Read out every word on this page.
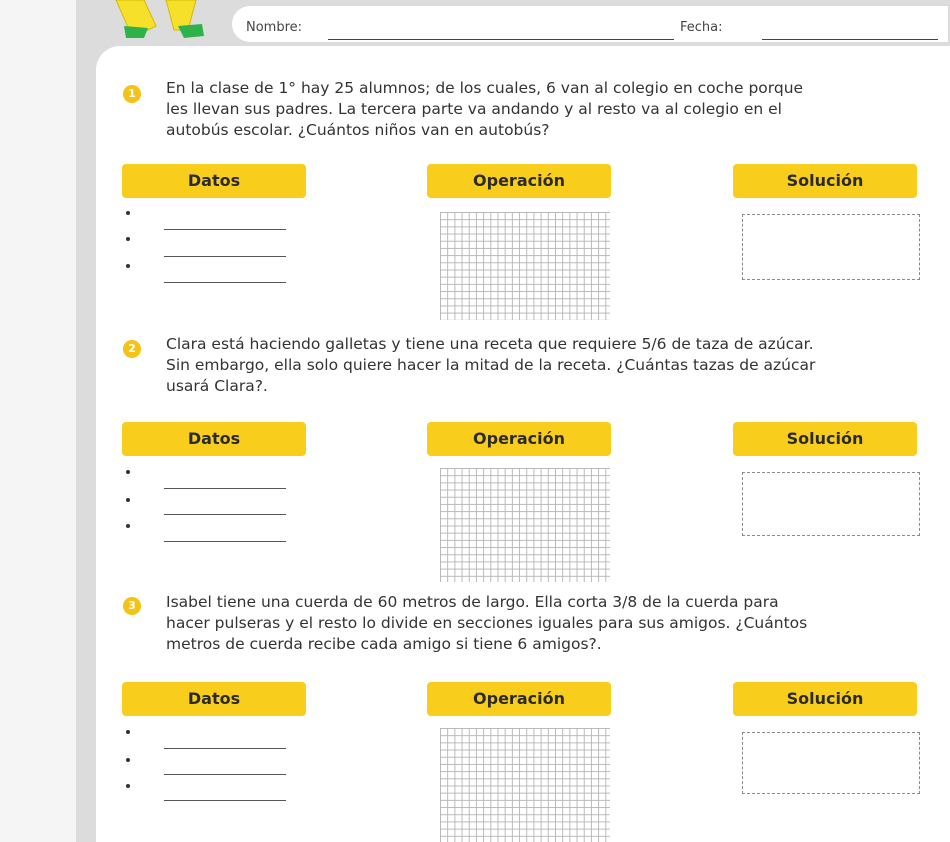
Nombre:	Fecha:
1	En la clase de 1° hay 25 alumnos; de los cuales, 6 van al colegio en coche porque
les llevan sus padres. La tercera parte va andando y al resto va al colegio en el
autobús escolar. ¿Cuántos niños van en autobús?
Datos	Operación	Solución
2	Clara está haciendo galletas y tiene una receta que requiere 5/6 de taza de azúcar.
Sin embargo, ella solo quiere hacer la mitad de la receta. ¿Cuántas tazas de azúcar
usará Clara?.
Datos	Operación	Solución
3	Isabel tiene una cuerda de 60 metros de largo. Ella corta 3/8 de la cuerda para
hacer pulseras y el resto lo divide en secciones iguales para sus amigos. ¿Cuántos
metros de cuerda recibe cada amigo si tiene 6 amigos?.
Datos	Operación	Solución
